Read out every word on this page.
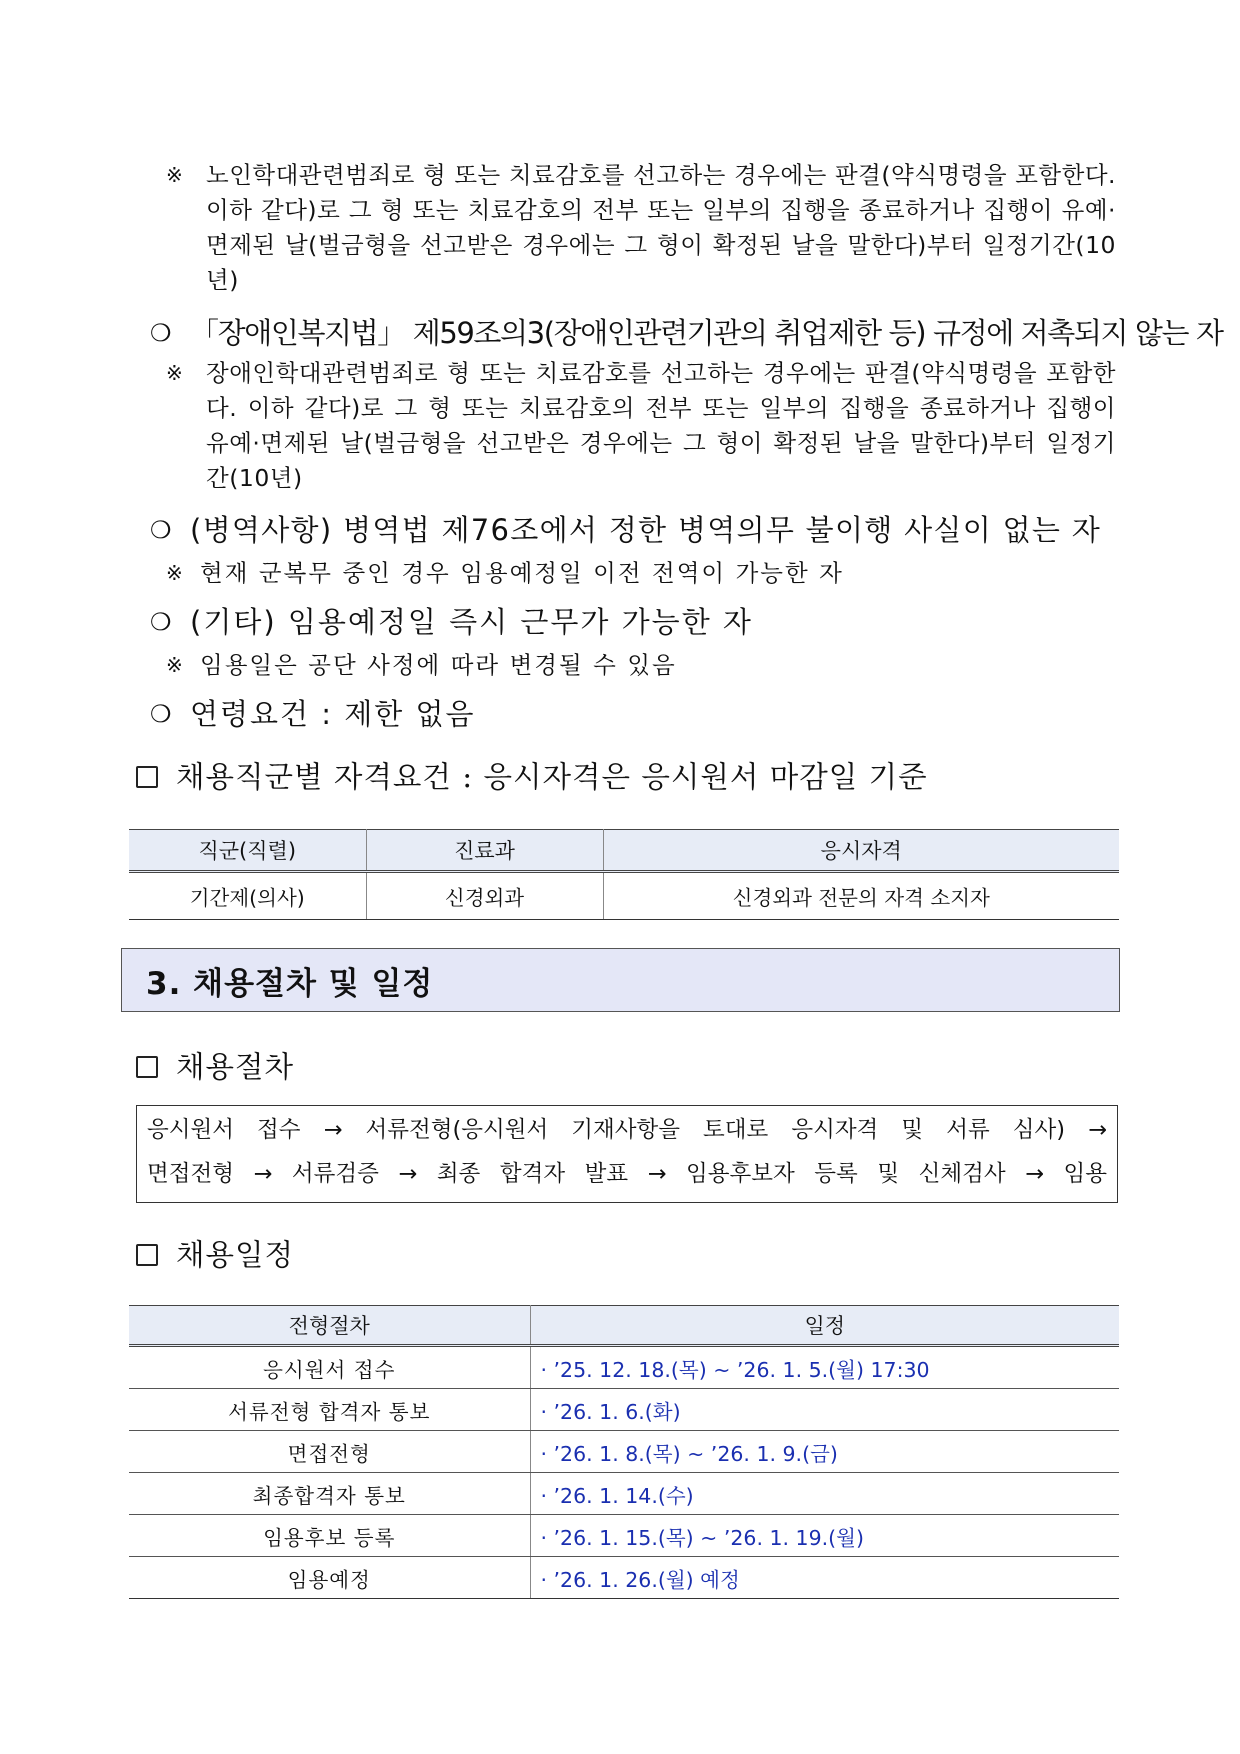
※ 노인학대관련범죄로 형 또는 치료감호를 선고하는 경우에는 판결(약식명령을 포함한다. 이하 같다)로 그 형 또는 치료감호의 전부 또는 일부의 집행을 종료하거나 집행이 유예·면제된 날(벌금형을 선고받은 경우에는 그 형이 확정된 날을 말한다)부터 일정기간(10년)
❍ 「장애인복지법」 제59조의3(장애인관련기관의 취업제한 등) 규정에 저촉되지 않는 자
※ 장애인학대관련범죄로 형 또는 치료감호를 선고하는 경우에는 판결(약식명령을 포함한다. 이하 같다)로 그 형 또는 치료감호의 전부 또는 일부의 집행을 종료하거나 집행이 유예·면제된 날(벌금형을 선고받은 경우에는 그 형이 확정된 날을 말한다)부터 일정기간(10년)
❍ (병역사항) 병역법 제76조에서 정한 병역의무 불이행 사실이 없는 자
※ 현재 군복무 중인 경우 임용예정일 이전 전역이 가능한 자
❍ (기타) 임용예정일 즉시 근무가 가능한 자
※ 임용일은 공단 사정에 따라 변경될 수 있음
❍ 연령요건 : 제한 없음
채용직군별 자격요건 : 응시자격은 응시원서 마감일 기준
직군(직렬)	진료과	응시자격
기간제(의사)	신경외과	신경외과 전문의 자격 소지자
3. 채용절차 및 일정
채용절차
응시원서 접수 → 서류전형(응시원서 기재사항을 토대로 응시자격 및 서류 심사) →
면접전형 → 서류검증 → 최종 합격자 발표 → 임용후보자 등록 및 신체검사 → 임용
채용일정
전형절차	일정
응시원서 접수	· ’25. 12. 18.(목) ~ ’26. 1. 5.(월) 17:30
서류전형 합격자 통보	· ’26. 1. 6.(화)
면접전형	· ’26. 1. 8.(목) ~ ’26. 1. 9.(금)
최종합격자 통보	· ’26. 1. 14.(수)
임용후보 등록	· ’26. 1. 15.(목) ~ ’26. 1. 19.(월)
임용예정	· ’26. 1. 26.(월) 예정
